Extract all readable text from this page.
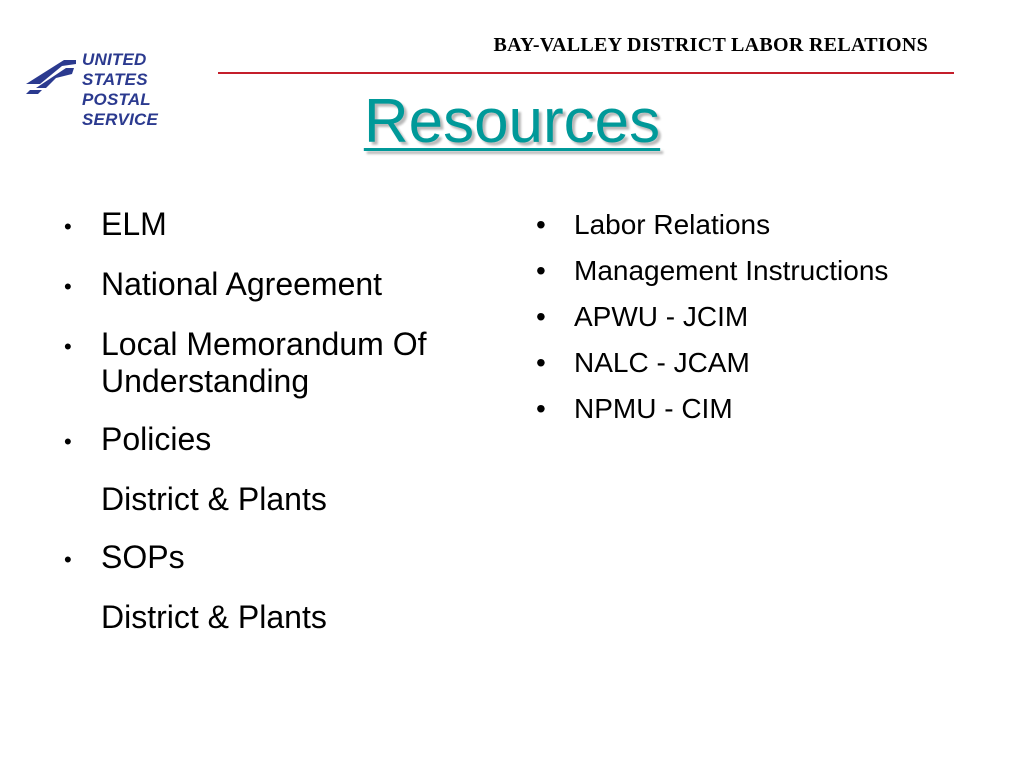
UNITED STATES
POSTAL SERVICE
BAY-VALLEY DISTRICT LABOR RELATIONS
Resources
• ELM
• National Agreement
• Local Memorandum Of Understanding
• Policies
District & Plants
• SOPs
District & Plants
•	Labor Relations
•	Management Instructions
•	APWU - JCIM
•	NALC - JCAM
•	NPMU - CIM
